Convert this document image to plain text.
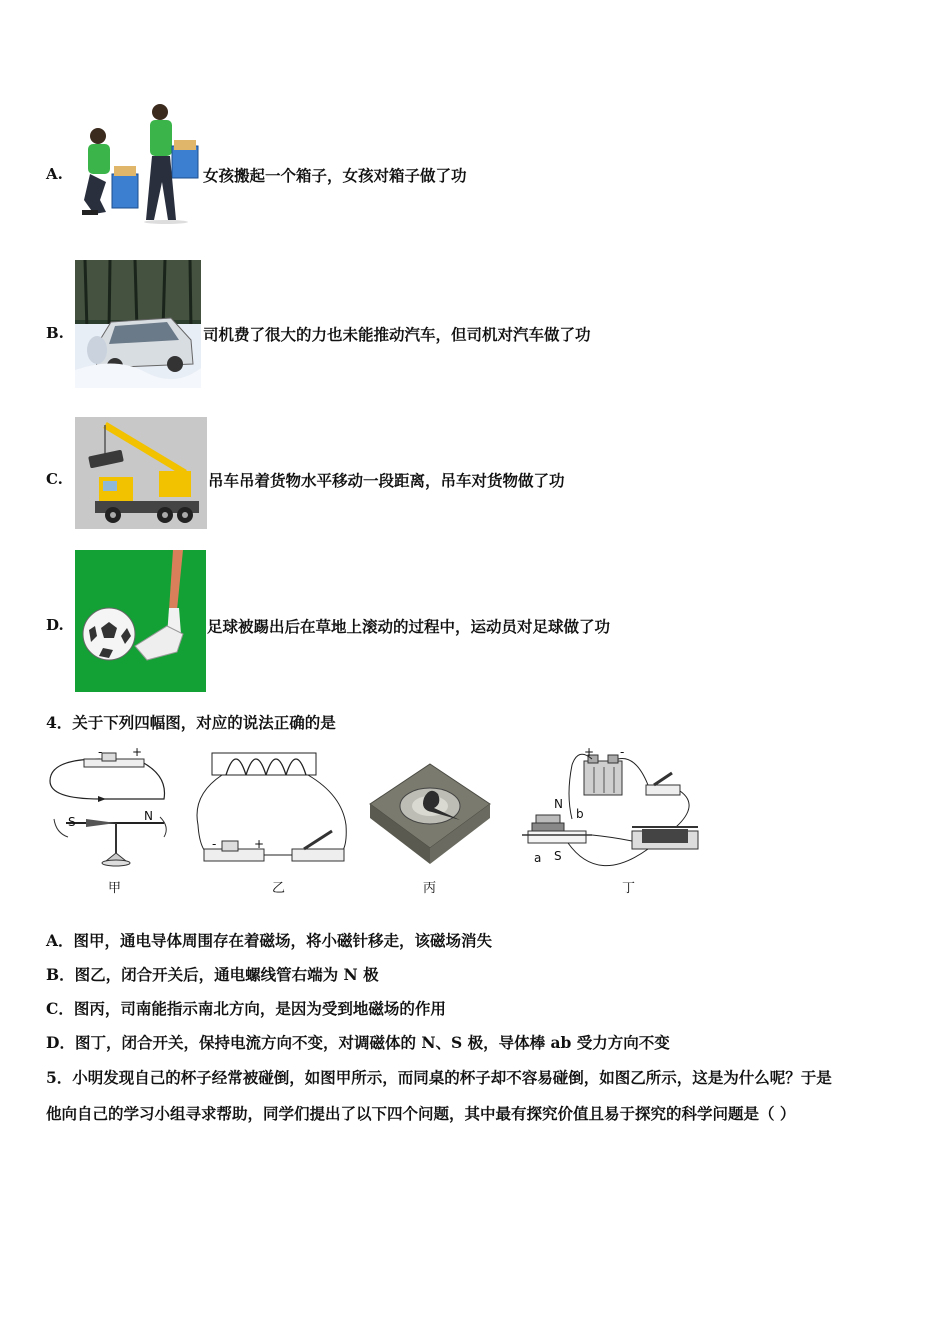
A.	女孩搬起一个箱子，女孩对箱子做了功
B.	司机费了很大的力也未能推动汽车，但司机对汽车做了功
C.	吊车吊着货物水平移动一段距离，吊车对货物做了功
D.	足球被踢出后在草地上滚动的过程中，运动员对足球做了功
4．关于下列四幅图，对应的说法正确的是
- +
S	N
甲
-	+
乙	丙
+ -
N
b
a S
丁
A．图甲，通电导体周围存在着磁场，将小磁针移走，该磁场消失
B．图乙，闭合开关后，通电螺线管右端为 N 极
C．图丙，司南能指示南北方向，是因为受到地磁场的作用
D．图丁，闭合开关，保持电流方向不变，对调磁体的 N、S 极，导体棒 ab 受力方向不变
5．小明发现自己的杯子经常被碰倒，如图甲所示，而同桌的杯子却不容易碰倒，如图乙所示，这是为什么呢？于是
他向自己的学习小组寻求帮助，同学们提出了以下四个问题，其中最有探究价值且易于探究的科学问题是（ ）
